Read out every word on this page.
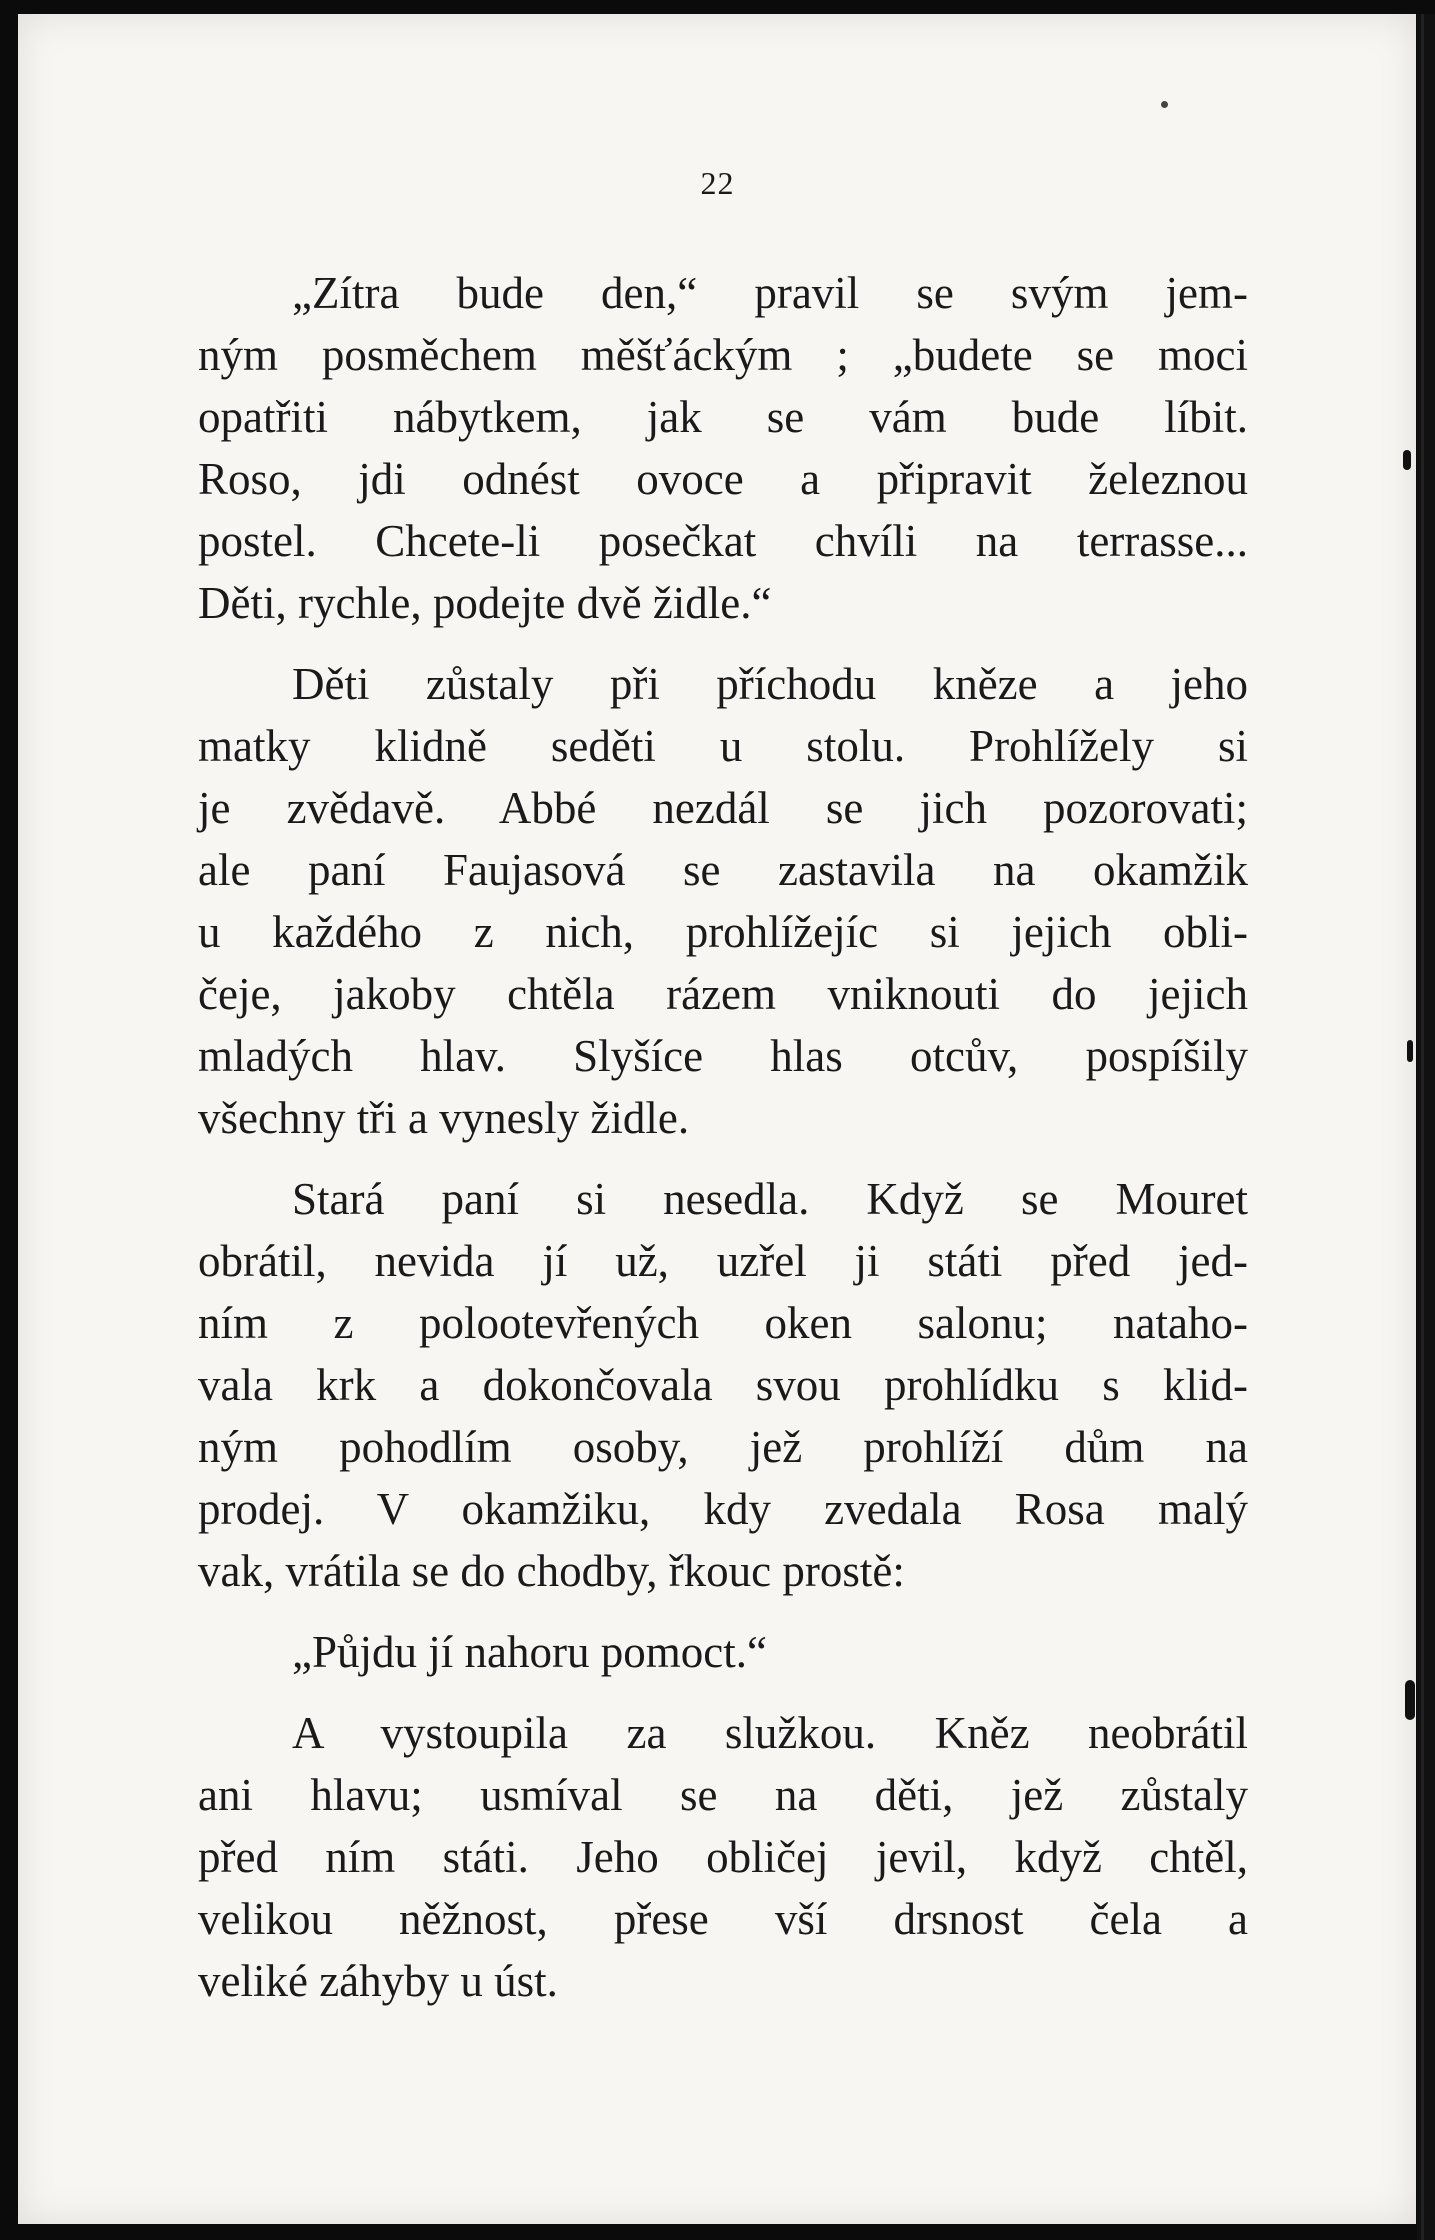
22
„Zítra bude den,“ pravil se svým jem-
ným posměchem měšťáckým ; „budete se moci
opatřiti nábytkem, jak se vám bude líbit.
Roso, jdi odnést ovoce a připravit železnou
postel. Chcete-li posečkat chvíli na terrasse...
Děti, rychle, podejte dvě židle.“
Děti zůstaly při příchodu kněze a jeho
matky klidně seděti u stolu. Prohlížely si
je zvědavě. Abbé nezdál se jich pozorovati;
ale paní Faujasová se zastavila na okamžik
u každého z nich, prohlížejíc si jejich obli-
čeje, jakoby chtěla rázem vniknouti do jejich
mladých hlav. Slyšíce hlas otcův, pospíšily
všechny tři a vynesly židle.
Stará paní si nesedla. Když se Mouret
obrátil, nevida jí už, uzřel ji státi před jed-
ním z polootevřených oken salonu; nataho-
vala krk a dokončovala svou prohlídku s klid-
ným pohodlím osoby, jež prohlíží dům na
prodej. V okamžiku, kdy zvedala Rosa malý
vak, vrátila se do chodby, řkouc prostě:
„Půjdu jí nahoru pomoct.“
A vystoupila za služkou. Kněz neobrátil
ani hlavu; usmíval se na děti, jež zůstaly
před ním státi. Jeho obličej jevil, když chtěl,
velikou něžnost, přese vší drsnost čela a
veliké záhyby u úst.
